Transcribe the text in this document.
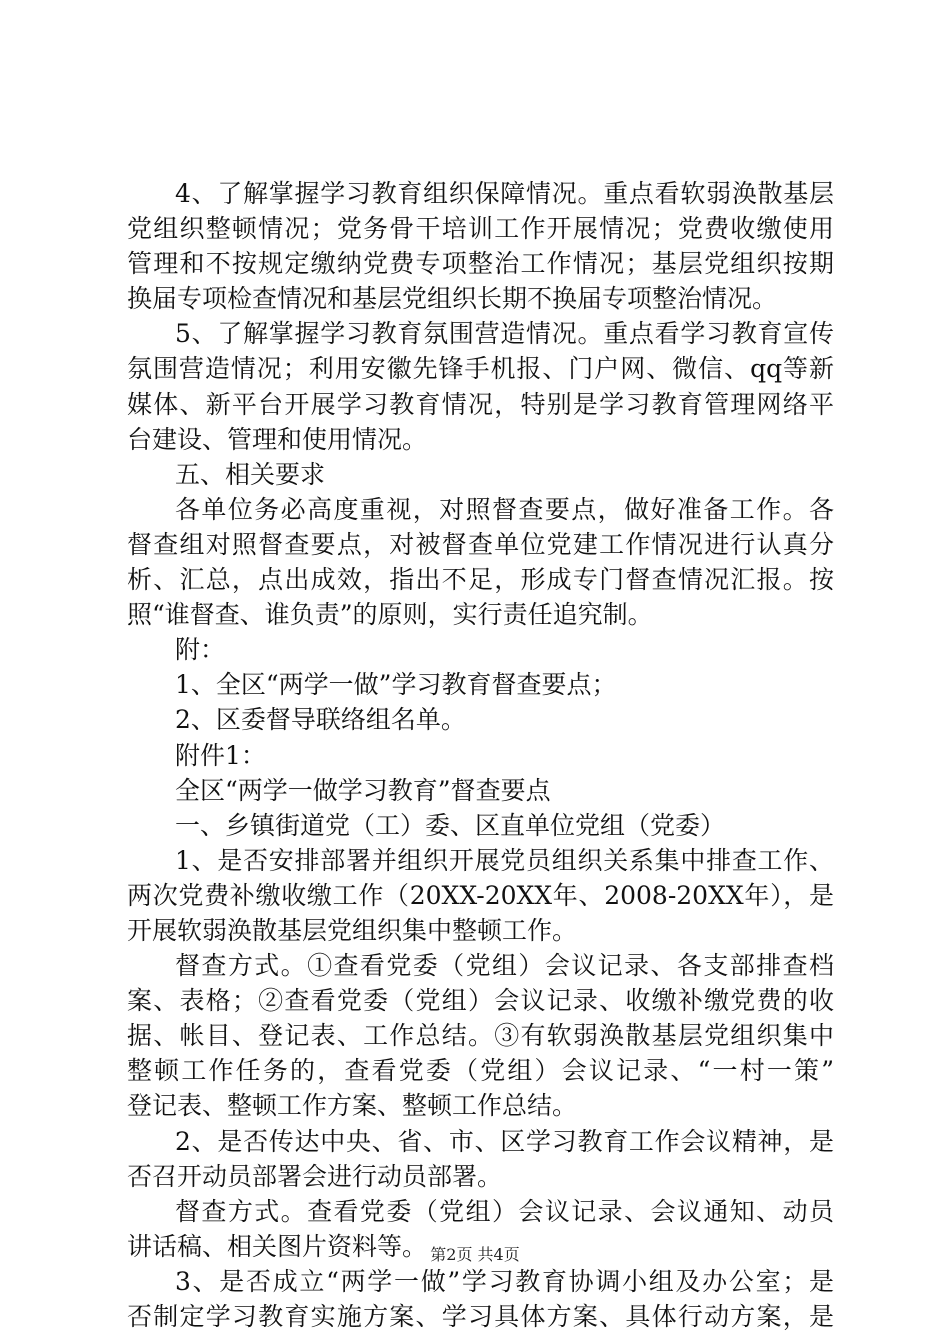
4、了解掌握学习教育组织保障情况。重点看软弱涣散基层
党组织整顿情况；党务骨干培训工作开展情况；党费收缴使用
管理和不按规定缴纳党费专项整治工作情况；基层党组织按期
换届专项检查情况和基层党组织长期不换届专项整治情况。
5、了解掌握学习教育氛围营造情况。重点看学习教育宣传
氛围营造情况；利用安徽先锋手机报、门户网、微信、qq等新
媒体、新平台开展学习教育情况，特别是学习教育管理网络平
台建设、管理和使用情况。
五、相关要求
各单位务必高度重视，对照督查要点，做好准备工作。各
督查组对照督查要点，对被督查单位党建工作情况进行认真分
析、汇总，点出成效，指出不足，形成专门督查情况汇报。按
照“谁督查、谁负责”的原则，实行责任追究制。
附：
1、全区“两学一做”学习教育督查要点；
2、区委督导联络组名单。
附件1：
全区“两学一做学习教育”督查要点
一、乡镇街道党（工）委、区直单位党组（党委）
1、是否安排部署并组织开展党员组织关系集中排查工作、
两次党费补缴收缴工作（20XX-20XX年、2008-20XX年），是
开展软弱涣散基层党组织集中整顿工作。
督查方式。①查看党委（党组）会议记录、各支部排查档
案、表格；②查看党委（党组）会议记录、收缴补缴党费的收
据、帐目、登记表、工作总结。③有软弱涣散基层党组织集中
整顿工作任务的，查看党委（党组）会议记录、“一村一策”
登记表、整顿工作方案、整顿工作总结。
2、是否传达中央、省、市、区学习教育工作会议精神，是
否召开动员部署会进行动员部署。
督查方式。查看党委（党组）会议记录、会议通知、动员
讲话稿、相关图片资料等。
3、是否成立“两学一做”学习教育协调小组及办公室；是
否制定学习教育实施方案、学习具体方案、具体行动方案，是
第2页 共4页
